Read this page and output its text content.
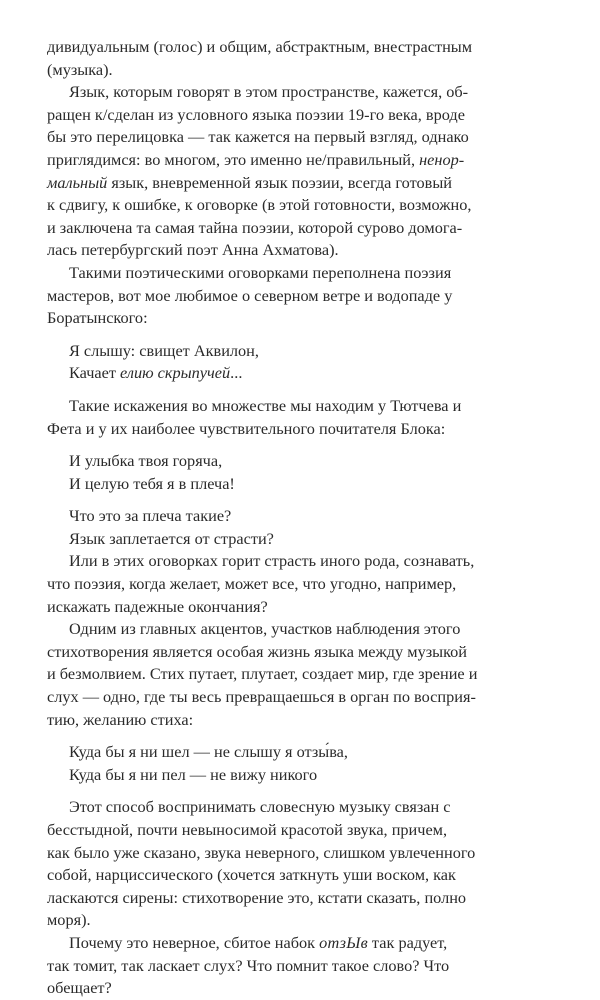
дивидуальным (голос) и общим, абстрактным, внестрастным
(музыка).
Язык, которым говорят в этом пространстве, кажется, об-
ращен к/сделан из условного языка поэзии 19-го века, вроде
бы это перелицовка — так кажется на первый взгляд, однако
приглядимся: во многом, это именно не/правильный, ненор-
мальный язык, вневременной язык поэзии, всегда готовый
к сдвигу, к ошибке, к оговорке (в этой готовности, возможно,
и заключена та самая тайна поэзии, которой сурово домога-
лась петербургский поэт Анна Ахматова).
Такими поэтическими оговорками переполнена поэзия
мастеров, вот мое любимое о северном ветре и водопаде у
Боратынского:
Я слышу: свищет Аквилон,
Качает елию скрыпучей...
Такие искажения во множестве мы находим у Тютчева и
Фета и у их наиболее чувствительного почитателя Блока:
И улыбка твоя горяча,
И целую тебя я в плеча!
Что это за плеча такие?
Язык заплетается от страсти?
Или в этих оговорках горит страсть иного рода, сознавать,
что поэзия, когда желает, может все, что угодно, например,
искажать падежные окончания?
Одним из главных акцентов, участков наблюдения этого
стихотворения является особая жизнь языка между музыкой
и безмолвием. Стих путает, плутает, создает мир, где зрение и
слух — одно, где ты весь превращаешься в орган по восприя-
тию, желанию стиха:
Куда бы я ни шел — не слышу я отзы́ва,
Куда бы я ни пел — не вижу никого
Этот способ воспринимать словесную музыку связан с
бесстыдной, почти невыносимой красотой звука, причем,
как было уже сказано, звука неверного, слишком увлеченного
собой, нарциссического (хочется заткнуть уши воском, как
ласкаются сирены: стихотворение это, кстати сказать, полно
моря).
Почему это неверное, сбитое набок отзЫв так радует,
так томит, так ласкает слух? Что помнит такое слово? Что
обещает?
